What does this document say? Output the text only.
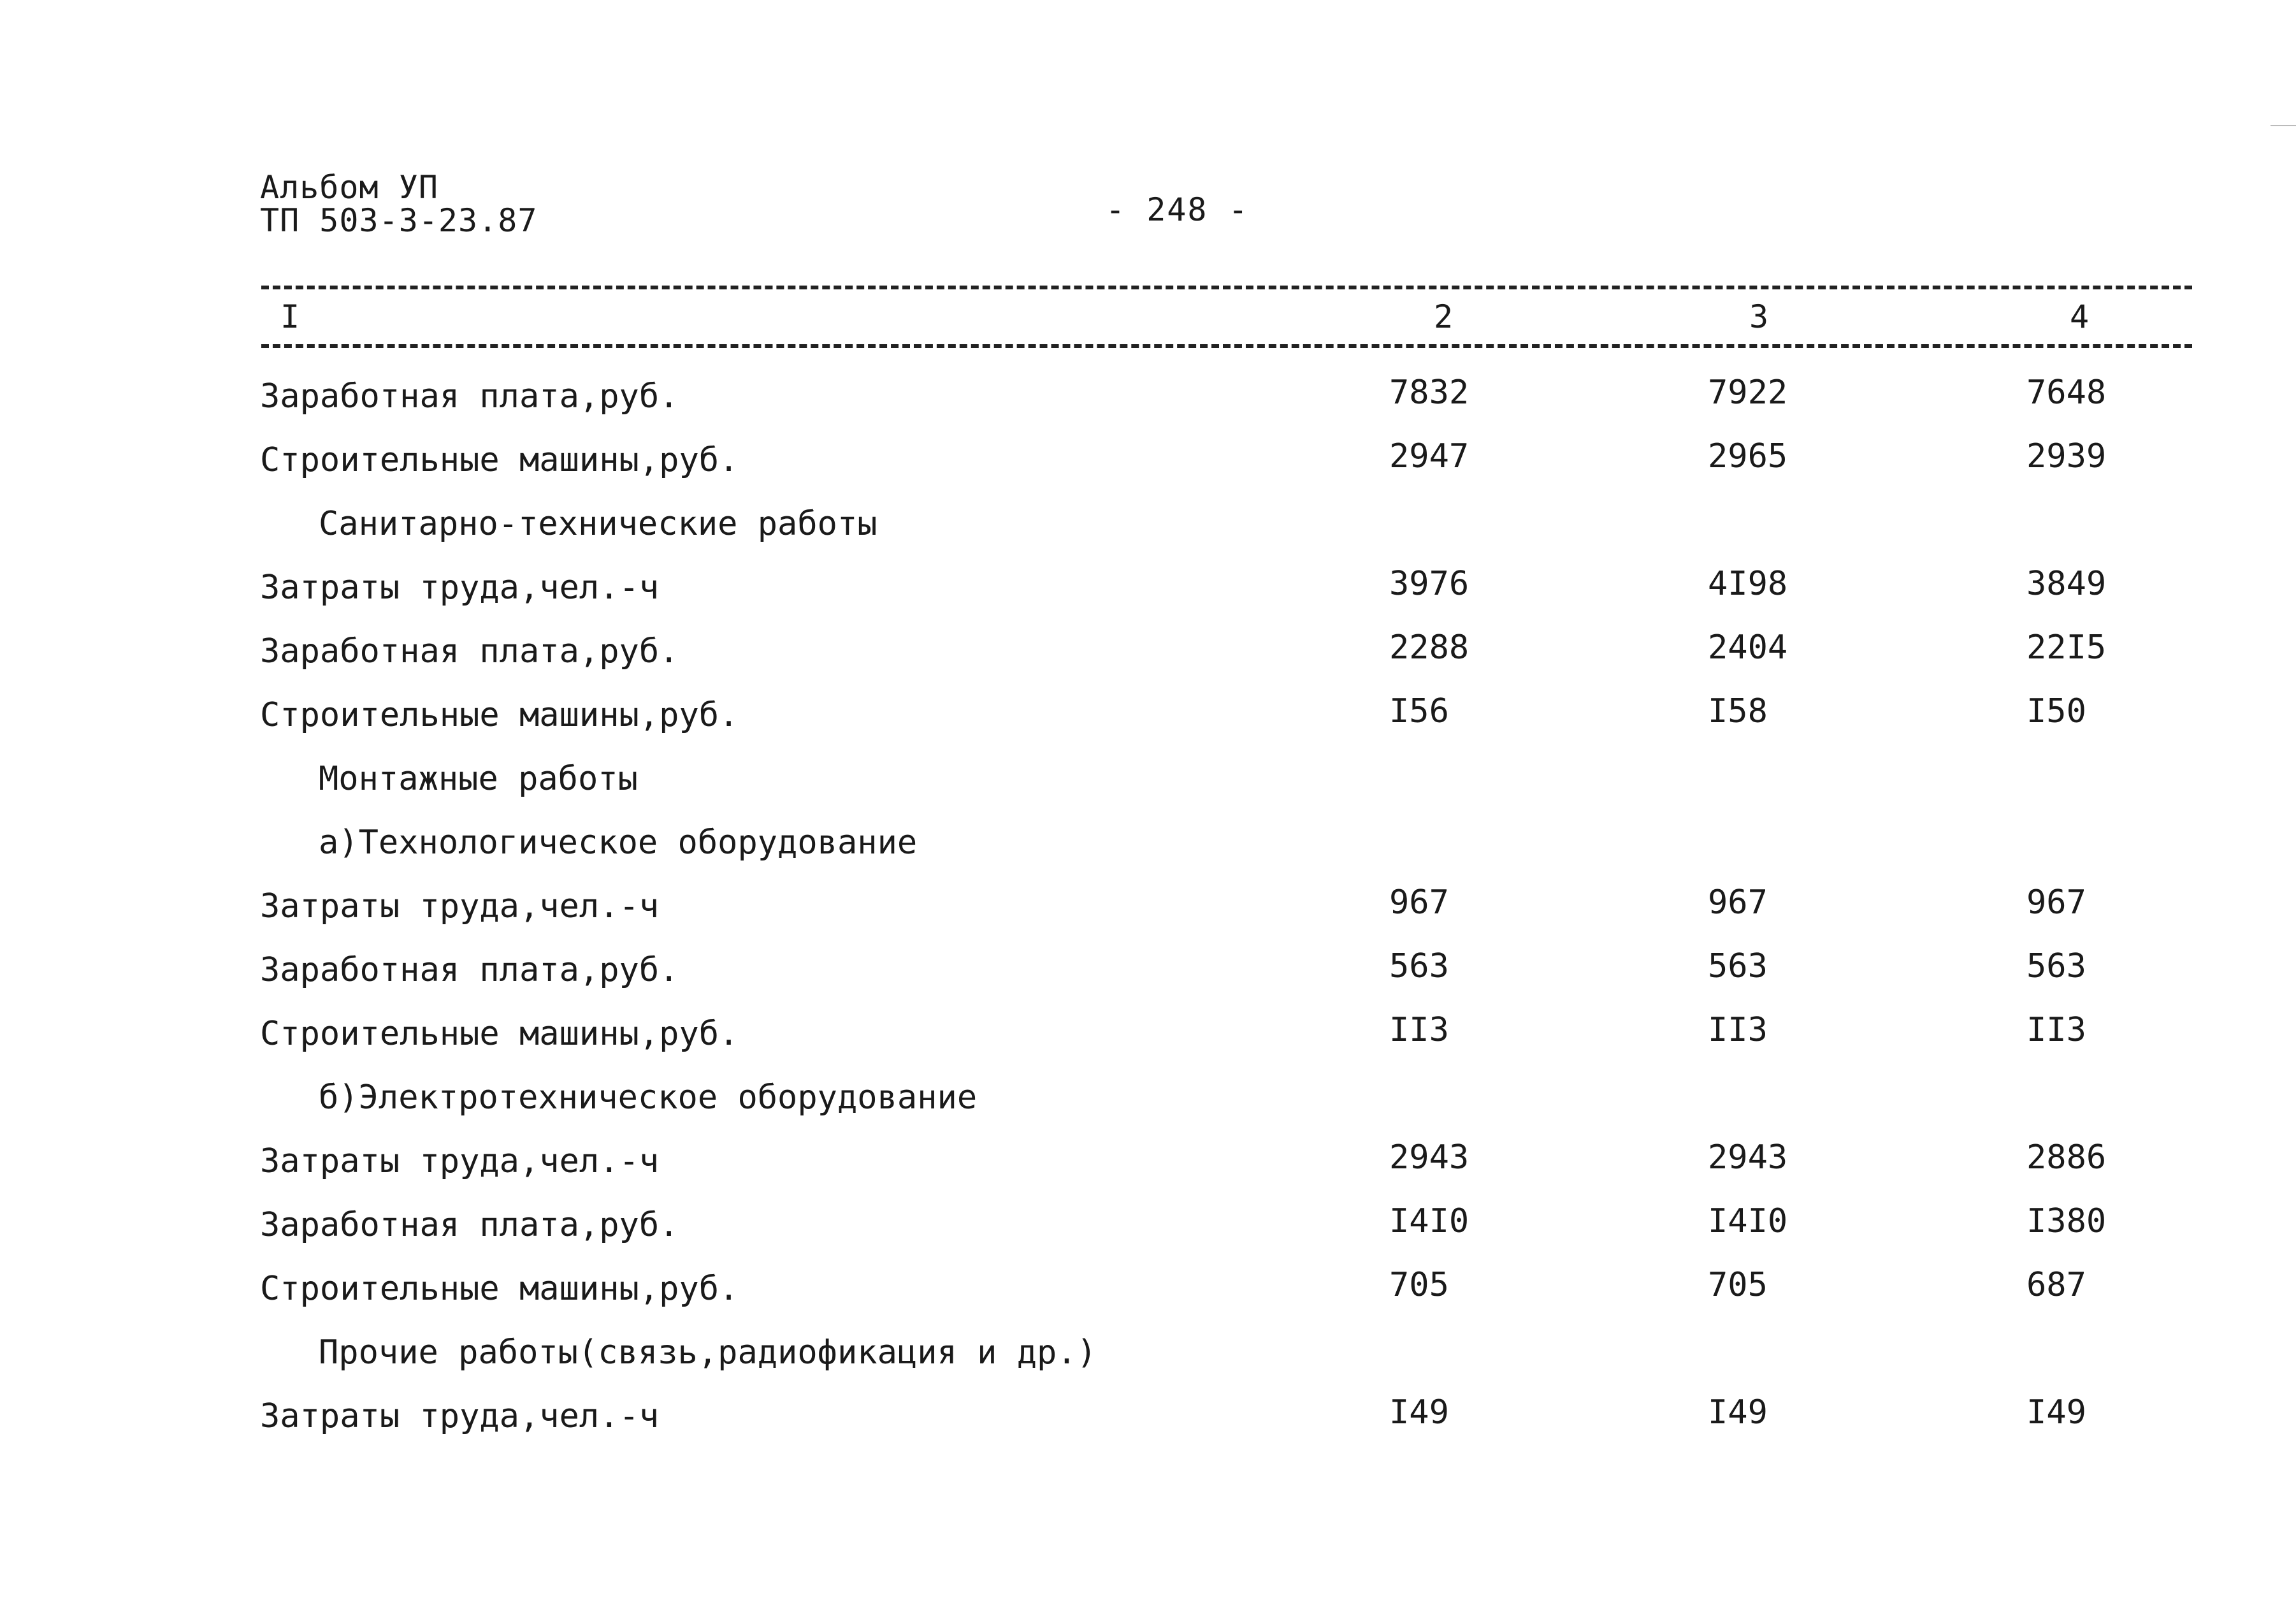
Альбом УП
ТП 503-3-23.87	- 248 -
I	2	3	4
Заработная плата,руб.	7832	7922	7648
Строительные машины,руб.	2947	2965	2939
Санитарно-технические работы
Затраты труда,чел.-ч	3976	4I98	3849
Заработная плата,руб.	2288	2404	22I5
Строительные машины,руб.	I56	I58	I50
Монтажные работы
а)Технологическое оборудование
Затраты труда,чел.-ч	967	967	967
Заработная плата,руб.	563	563	563
Строительные машины,руб.	II3	II3	II3
б)Электротехническое оборудование
Затраты труда,чел.-ч	2943	2943	2886
Заработная плата,руб.	I4I0	I4I0	I380
Строительные машины,руб.	705	705	687
Прочие работы(связь,радиофикация и др.)
Затраты труда,чел.-ч	I49	I49	I49
